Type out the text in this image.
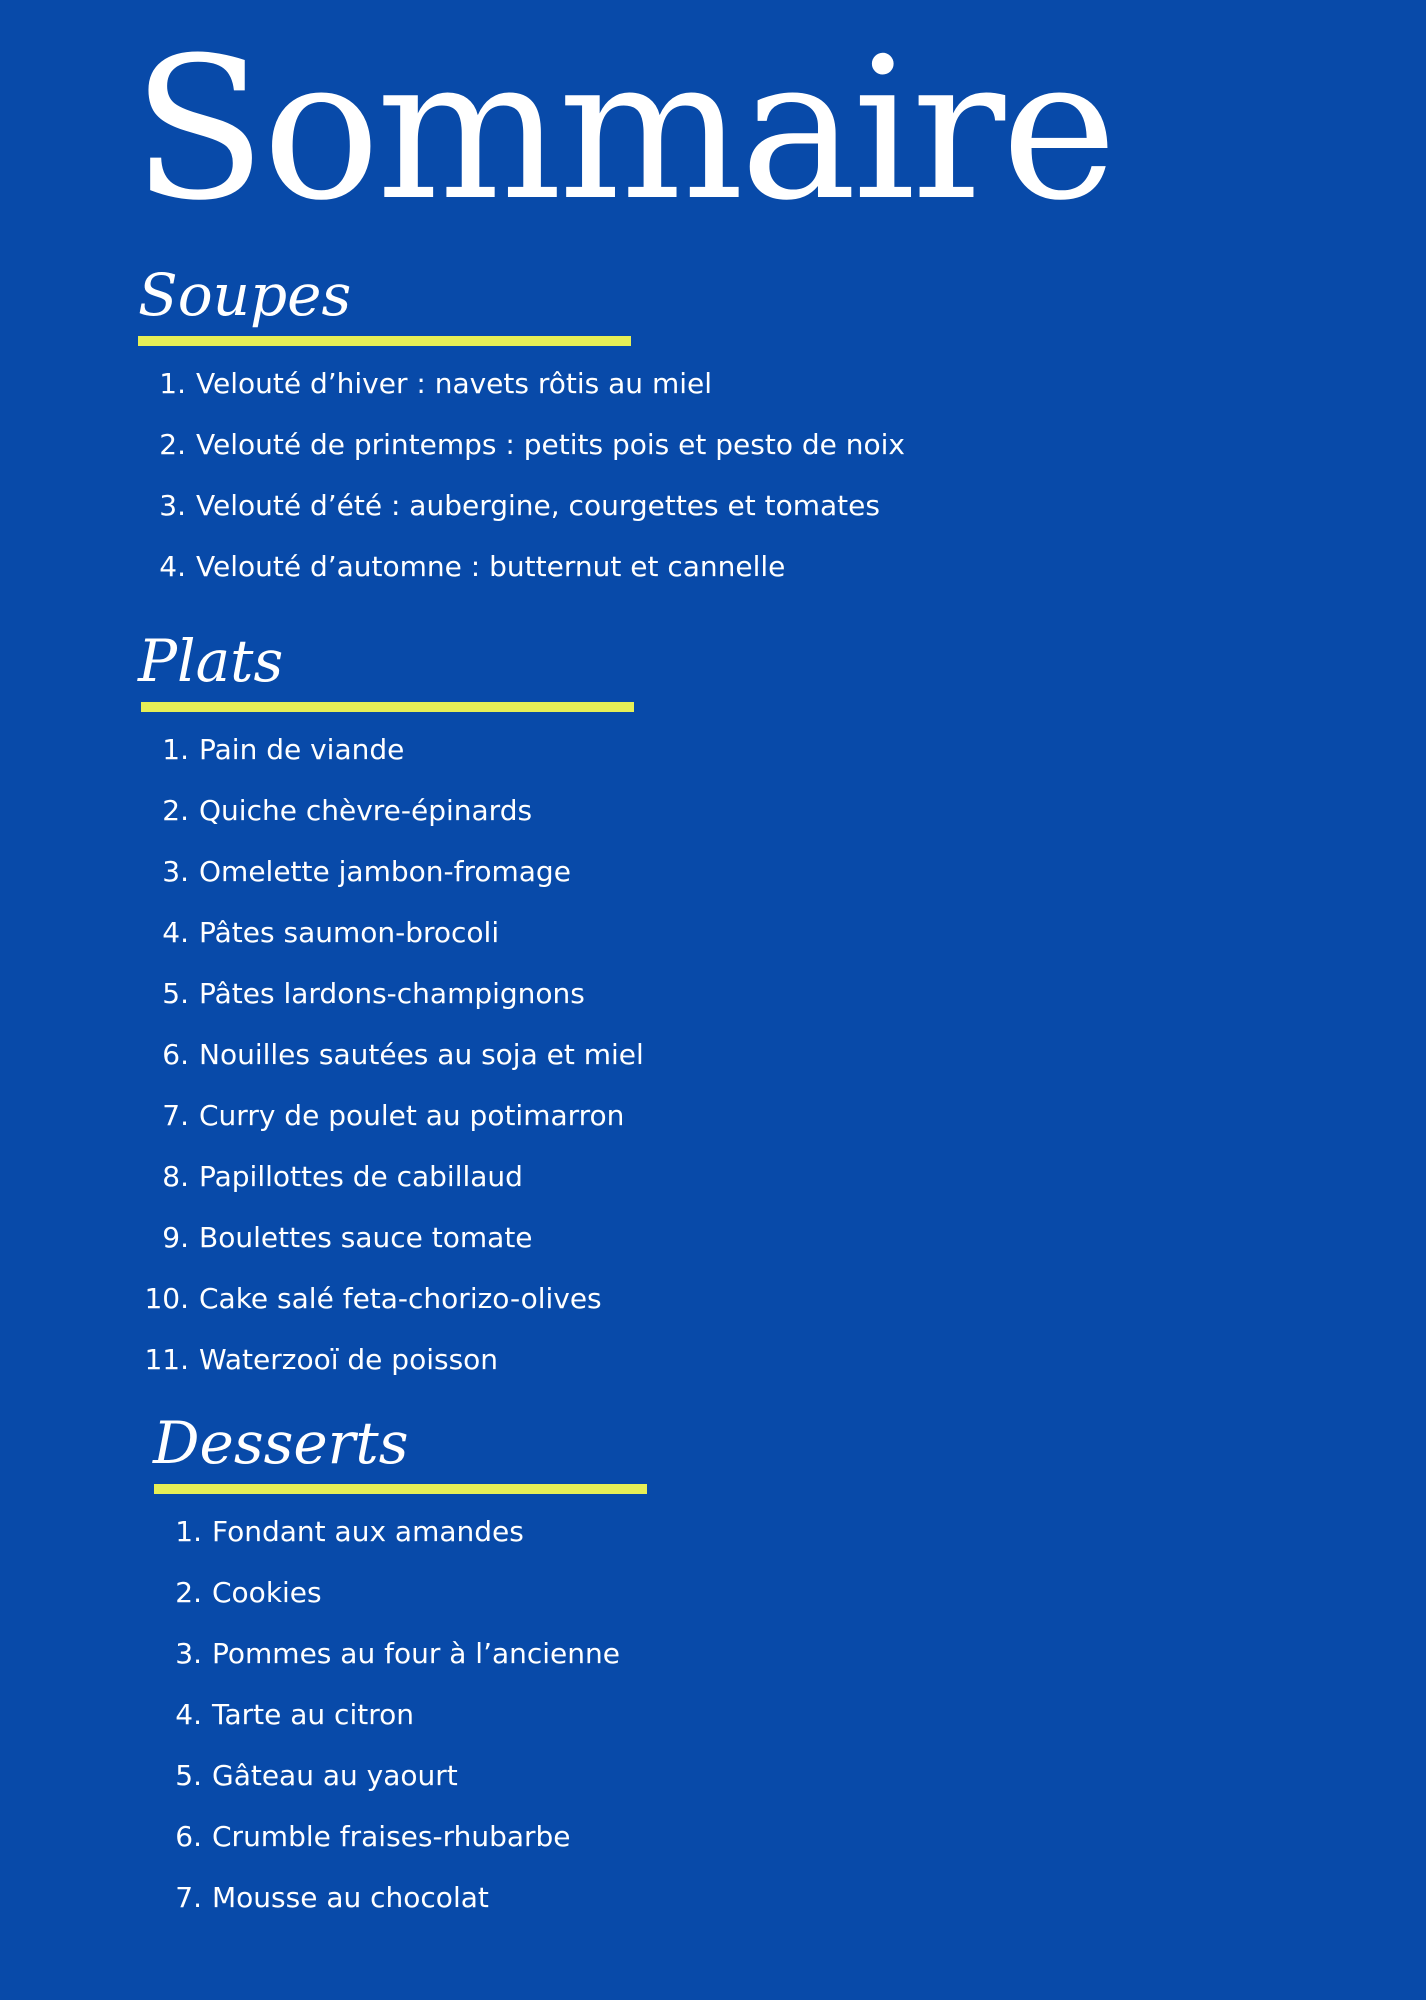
Sommaire
Soupes
1. Velouté d’hiver : navets rôtis au miel
2. Velouté de printemps : petits pois et pesto de noix
3. Velouté d’été : aubergine, courgettes et tomates
4. Velouté d’automne : butternut et cannelle
Plats
1. Pain de viande
2. Quiche chèvre-épinards
3. Omelette jambon-fromage
4. Pâtes saumon-brocoli
5. Pâtes lardons-champignons
6. Nouilles sautées au soja et miel
7. Curry de poulet au potimarron
8. Papillottes de cabillaud
9. Boulettes sauce tomate
10. Cake salé feta-chorizo-olives
11. Waterzooï de poisson
Desserts
1. Fondant aux amandes
2. Cookies
3. Pommes au four à l’ancienne
4. Tarte au citron
5. Gâteau au yaourt
6. Crumble fraises-rhubarbe
7. Mousse au chocolat
